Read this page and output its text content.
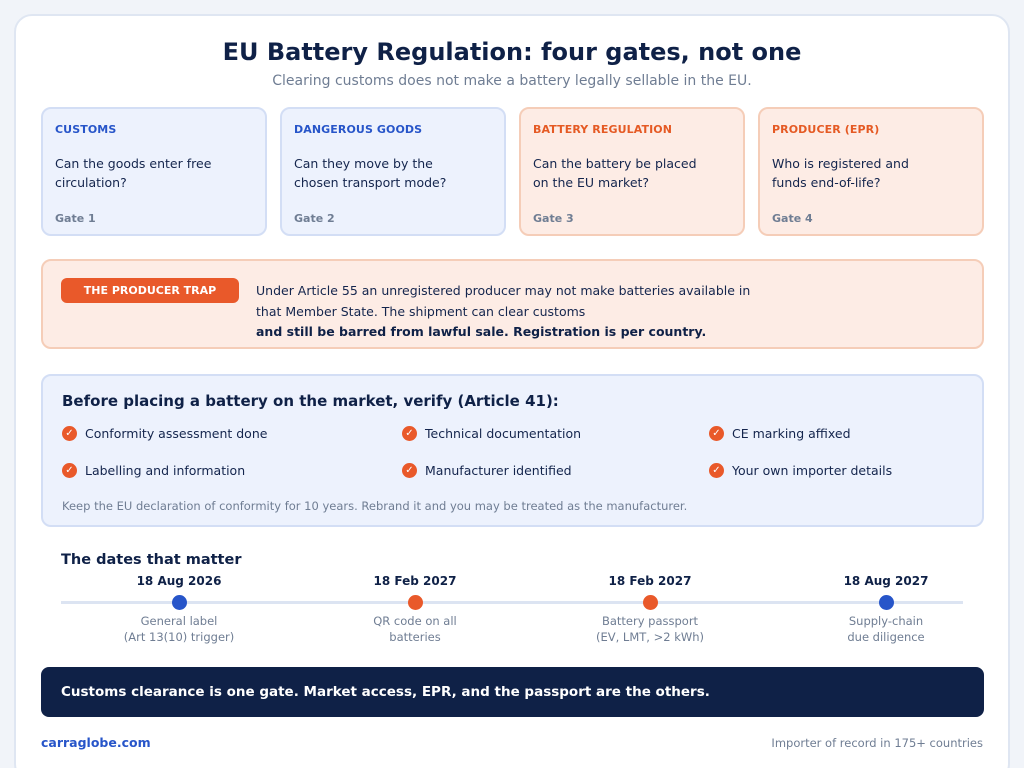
EU Battery Regulation: four gates, not one
Clearing customs does not make a battery legally sellable in the EU.
CUSTOMS
Can the goods enter free circulation?
Gate 1
DANGEROUS GOODS
Can they move by the chosen transport mode?
Gate 2
BATTERY REGULATION
Can the battery be placed on the EU market?
Gate 3
PRODUCER (EPR)
Who is registered and funds end-of-life?
Gate 4
THE PRODUCER TRAP	Under Article 55 an unregistered producer may not make batteries available in that Member State. The shipment can clear customs
and still be barred from lawful sale. Registration is per country.
Before placing a battery on the market, verify (Article 41):
✓ Conformity assessment done	✓ Technical documentation	✓ CE marking affixed
✓ Labelling and information	✓ Manufacturer identified	✓ Your own importer details
Keep the EU declaration of conformity for 10 years. Rebrand it and you may be treated as the manufacturer.
The dates that matter
18 Aug 2026
General label
(Art 13(10) trigger)
18 Feb 2027
QR code on all
batteries
18 Feb 2027
Battery passport
(EV, LMT, >2 kWh)
18 Aug 2027
Supply-chain
due diligence
Customs clearance is one gate. Market access, EPR, and the passport are the others.
carraglobe.com	Importer of record in 175+ countries
